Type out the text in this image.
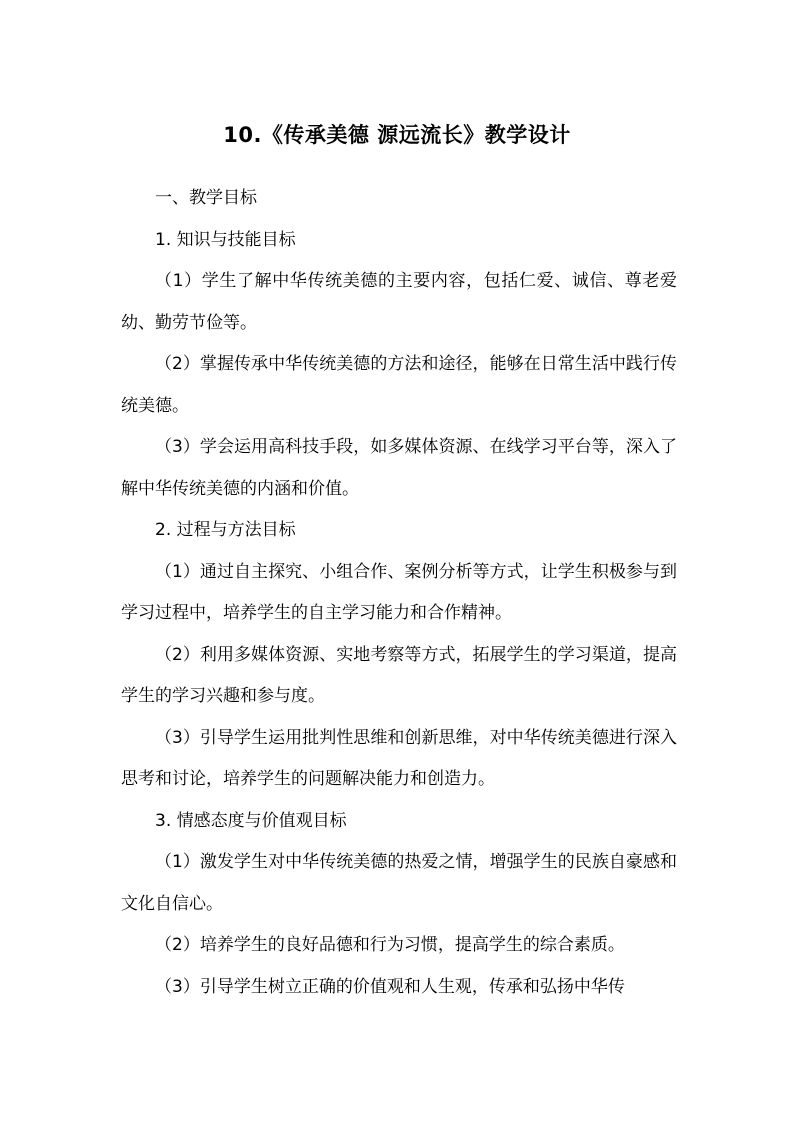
10.《传承美德 源远流长》教学设计

一、教学目标

1. 知识与技能目标

（1）学生了解中华传统美德的主要内容，包括仁爱、诚信、尊老爱幼、勤劳节俭等。

（2）掌握传承中华传统美德的方法和途径，能够在日常生活中践行传统美德。

（3）学会运用高科技手段，如多媒体资源、在线学习平台等，深入了解中华传统美德的内涵和价值。

2. 过程与方法目标

（1）通过自主探究、小组合作、案例分析等方式，让学生积极参与到学习过程中，培养学生的自主学习能力和合作精神。

（2）利用多媒体资源、实地考察等方式，拓展学生的学习渠道，提高学生的学习兴趣和参与度。

（3）引导学生运用批判性思维和创新思维，对中华传统美德进行深入思考和讨论，培养学生的问题解决能力和创造力。

3. 情感态度与价值观目标

（1）激发学生对中华传统美德的热爱之情，增强学生的民族自豪感和文化自信心。

（2）培养学生的良好品德和行为习惯，提高学生的综合素质。

（3）引导学生树立正确的价值观和人生观，传承和弘扬中华传
